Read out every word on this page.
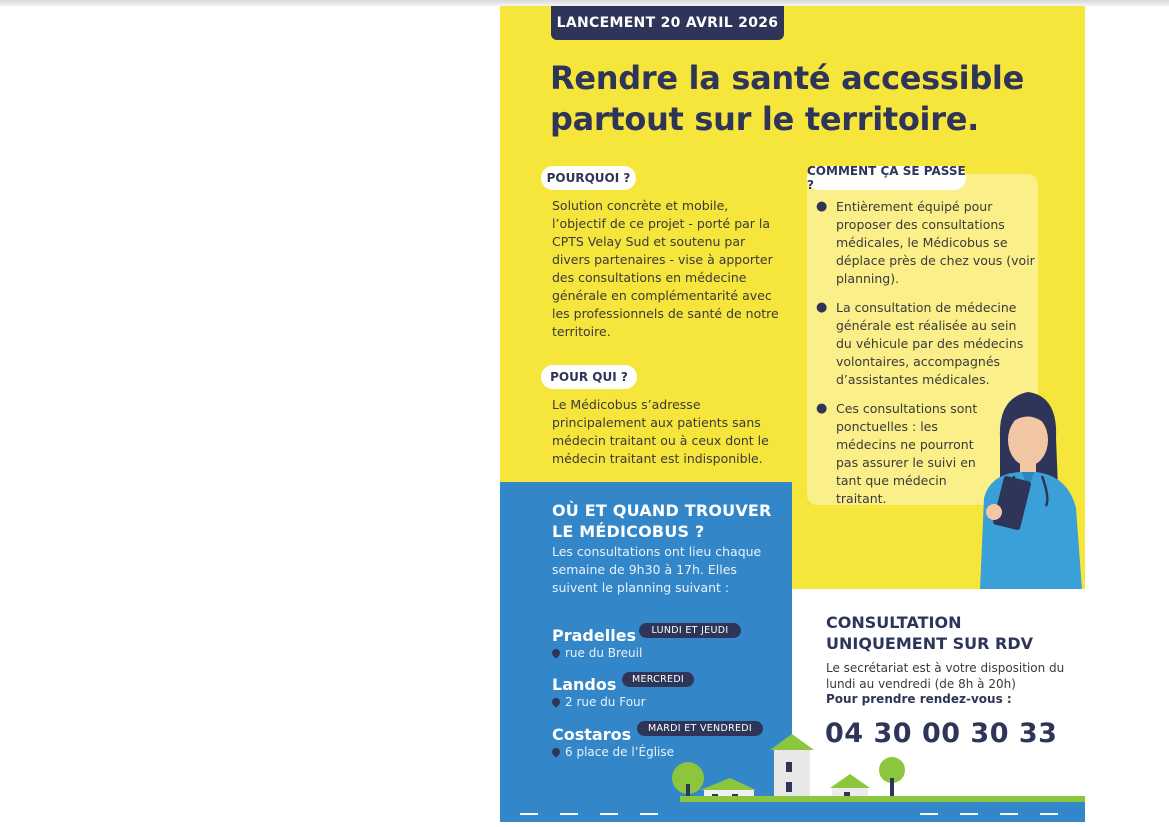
LANCEMENT 20 AVRIL 2026
Rendre la santé accessible
partout sur le territoire.
POURQUOI ?
Solution concrète et mobile, l’objectif de ce projet - porté par la CPTS Velay Sud et soutenu par divers partenaires - vise à apporter des consultations en médecine générale en complémentarité avec les professionnels de santé de notre territoire.
POUR QUI ?
Le Médicobus s’adresse principalement aux patients sans médecin traitant ou à ceux dont le médecin traitant est indisponible.
COMMENT ÇA SE PASSE ?
● Entièrement équipé pour proposer des consultations médicales, le Médicobus se déplace près de chez vous (voir planning).
● La consultation de médecine générale est réalisée au sein du véhicule par des médecins volontaires, accompagnés d’assistantes médicales.
● Ces consultations sont ponctuelles : les médecins ne pourront pas assurer le suivi en tant que médecin traitant.
OÙ ET QUAND TROUVER
LE MÉDICOBUS ?
Les consultations ont lieu chaque semaine de 9h30 à 17h. Elles suivent le planning suivant :
Pradelles	LUNDI ET JEUDI
rue du Breuil
Landos	MERCREDI
2 rue du Four
Costaros	MARDI ET VENDREDI
6 place de l’Église
CONSULTATION
UNIQUEMENT SUR RDV
Le secrétariat est à votre disposition du lundi au vendredi (de 8h à 20h)
Pour prendre rendez-vous :
04 30 00 30 33
